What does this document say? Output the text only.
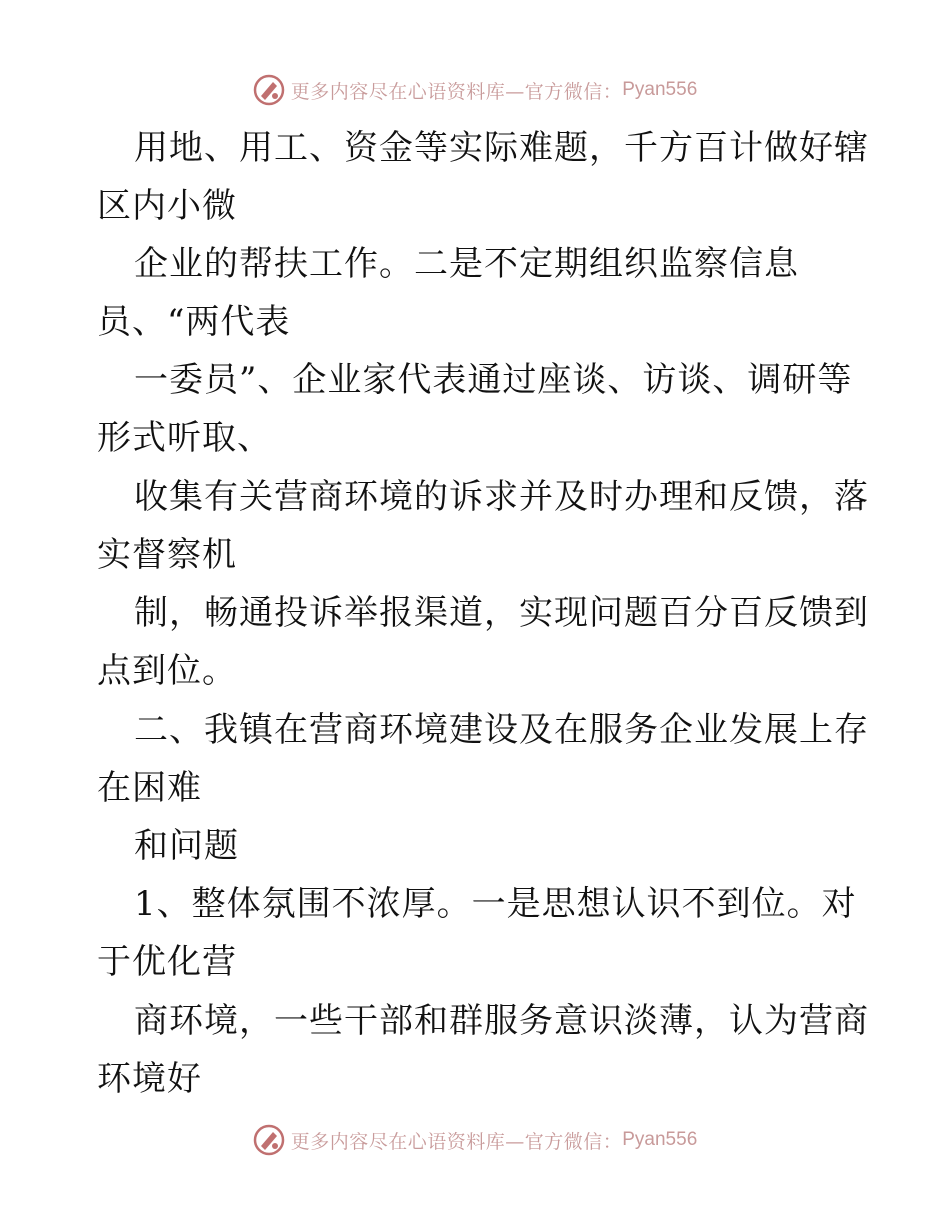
更多内容尽在心语资料库—官方微信： Pyan556
用地、用工、资金等实际难题，千方百计做好辖
区内小微
企业的帮扶工作。二是不定期组织监察信息
员、“两代表
一委员”、企业家代表通过座谈、访谈、调研等
形式听取、
收集有关营商环境的诉求并及时办理和反馈，落
实督察机
制，畅通投诉举报渠道，实现问题百分百反馈到
点到位。
二、我镇在营商环境建设及在服务企业发展上存
在困难
和问题
1、整体氛围不浓厚。一是思想认识不到位。对
于优化营
商环境，一些干部和群服务意识淡薄，认为营商
环境好
更多内容尽在心语资料库—官方微信： Pyan556
